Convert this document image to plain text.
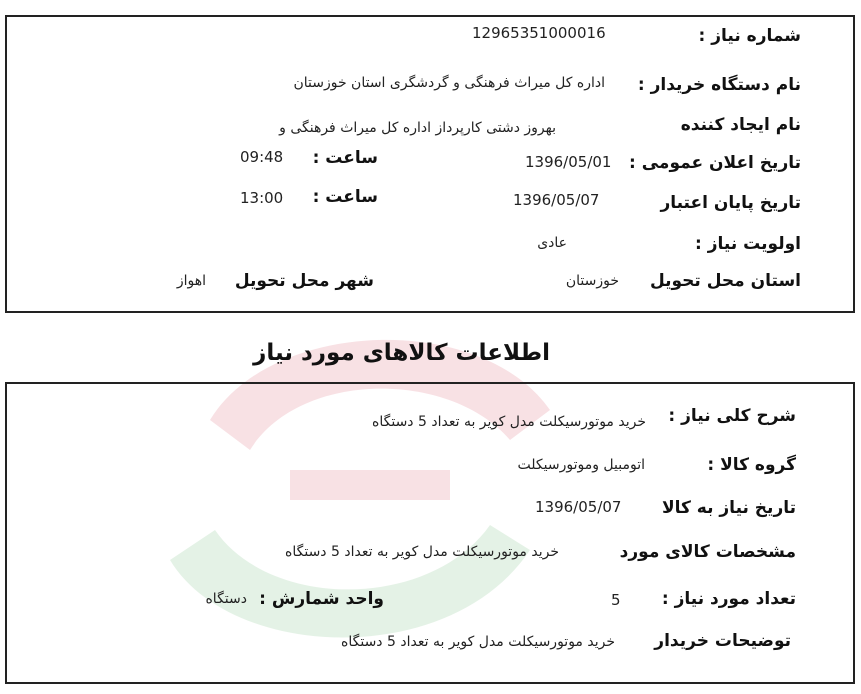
شماره نیاز :
12965351000016
نام دستگاه خریدار :
اداره کل میراث فرهنگی و گردشگری استان خوزستان
نام ایجاد کننده
بهروز دشتی کارپرداز اداره کل میراث فرهنگی و
تاریخ اعلان عمومی :
1396/05/01
ساعت :
09:48
تاریخ پایان اعتبار
1396/05/07
ساعت :
13:00
اولویت نیاز :
عادی
استان محل تحویل
خوزستان
شهر محل تحویل
اهواز
اطلاعات کالاهای مورد نیاز
شرح کلی نیاز :
خرید موتورسیکلت مدل کویر به تعداد 5 دستگاه
گروه کالا :
اتومبیل وموتورسیکلت
تاریخ نیاز به کالا
1396/05/07
مشخصات کالای مورد
خرید موتورسیکلت مدل کویر به تعداد 5 دستگاه
تعداد مورد نیاز :
5
واحد شمارش :
دستگاه
توضیحات خریدار
خرید موتورسیکلت مدل کویر به تعداد 5 دستگاه
